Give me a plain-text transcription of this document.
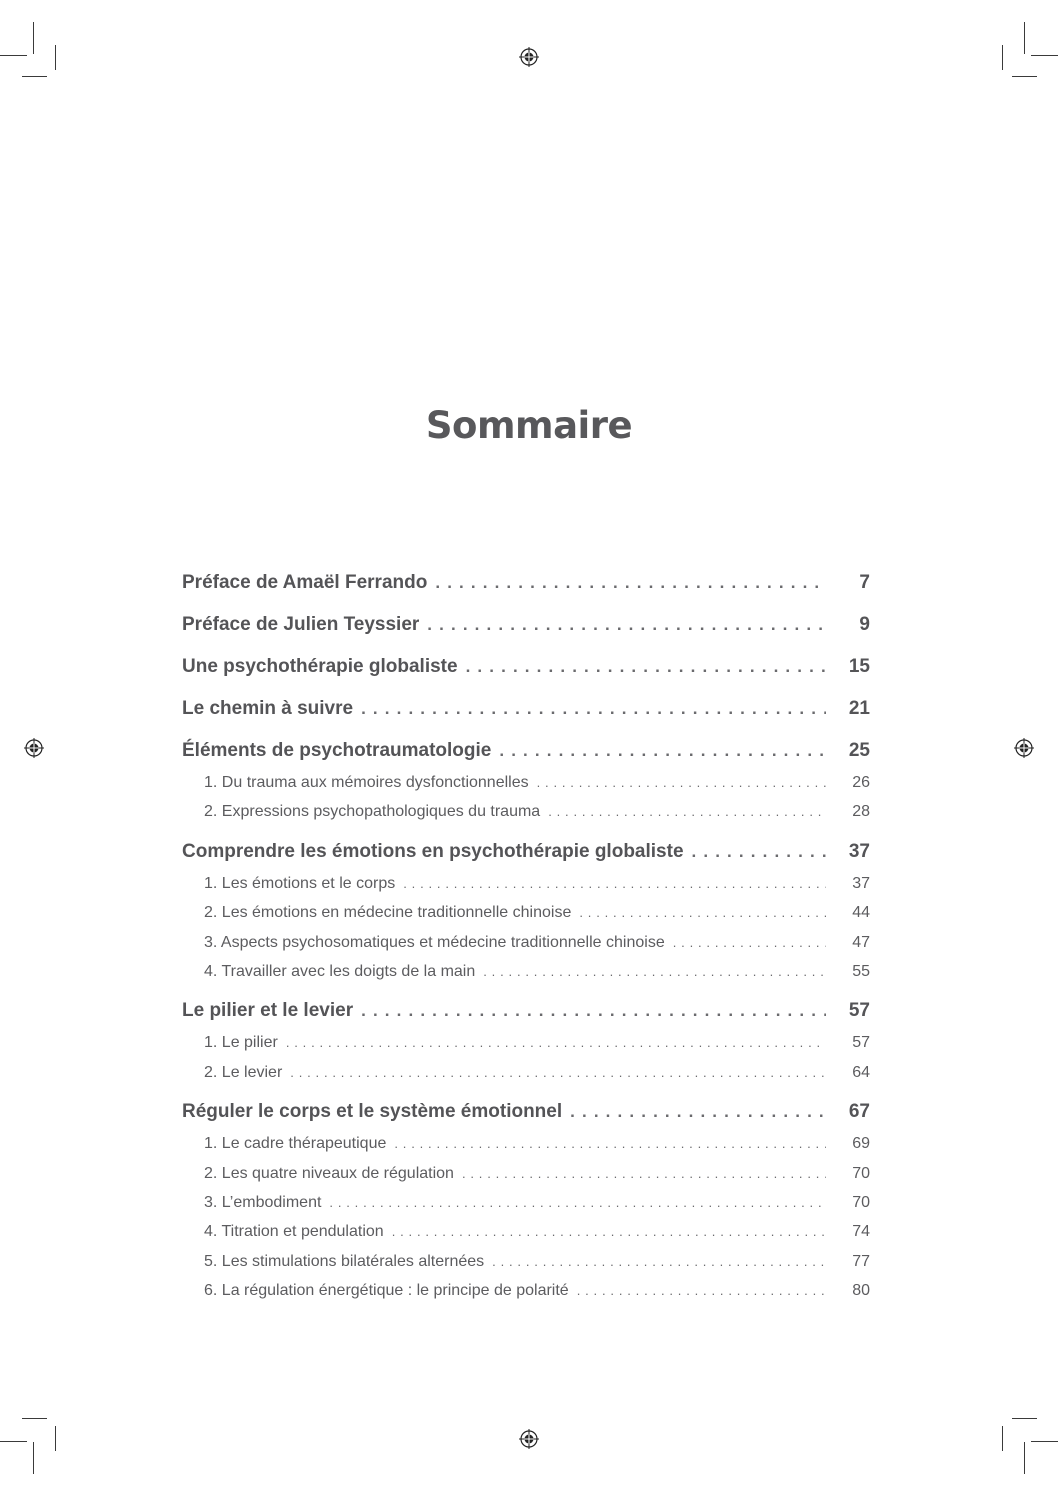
Sommaire
Préface de Amaël Ferrando . . .	7
Préface de Julien Teyssier . . .	9
Une psychothérapie globaliste . . .	15
Le chemin à suivre . . .	21
Éléments de psychotraumatologie . . .	25
1. Du trauma aux mémoires dysfonctionnelles . . .	26
2. Expressions psychopathologiques du trauma . . .	28
Comprendre les émotions en psychothérapie globaliste . . .	37
1. Les émotions et le corps . . .	37
2. Les émotions en médecine traditionnelle chinoise . . .	44
3. Aspects psychosomatiques et médecine traditionnelle chinoise . . .	47
4. Travailler avec les doigts de la main . . .	55
Le pilier et le levier . . .	57
1. Le pilier . . .	57
2. Le levier . . .	64
Réguler le corps et le système émotionnel . . .	67
1. Le cadre thérapeutique . . .	69
2. Les quatre niveaux de régulation . . .	70
3. L’embodiment . . .	70
4. Titration et pendulation . . .	74
5. Les stimulations bilatérales alternées . . .	77
6. La régulation énergétique : le principe de polarité . . .	80
